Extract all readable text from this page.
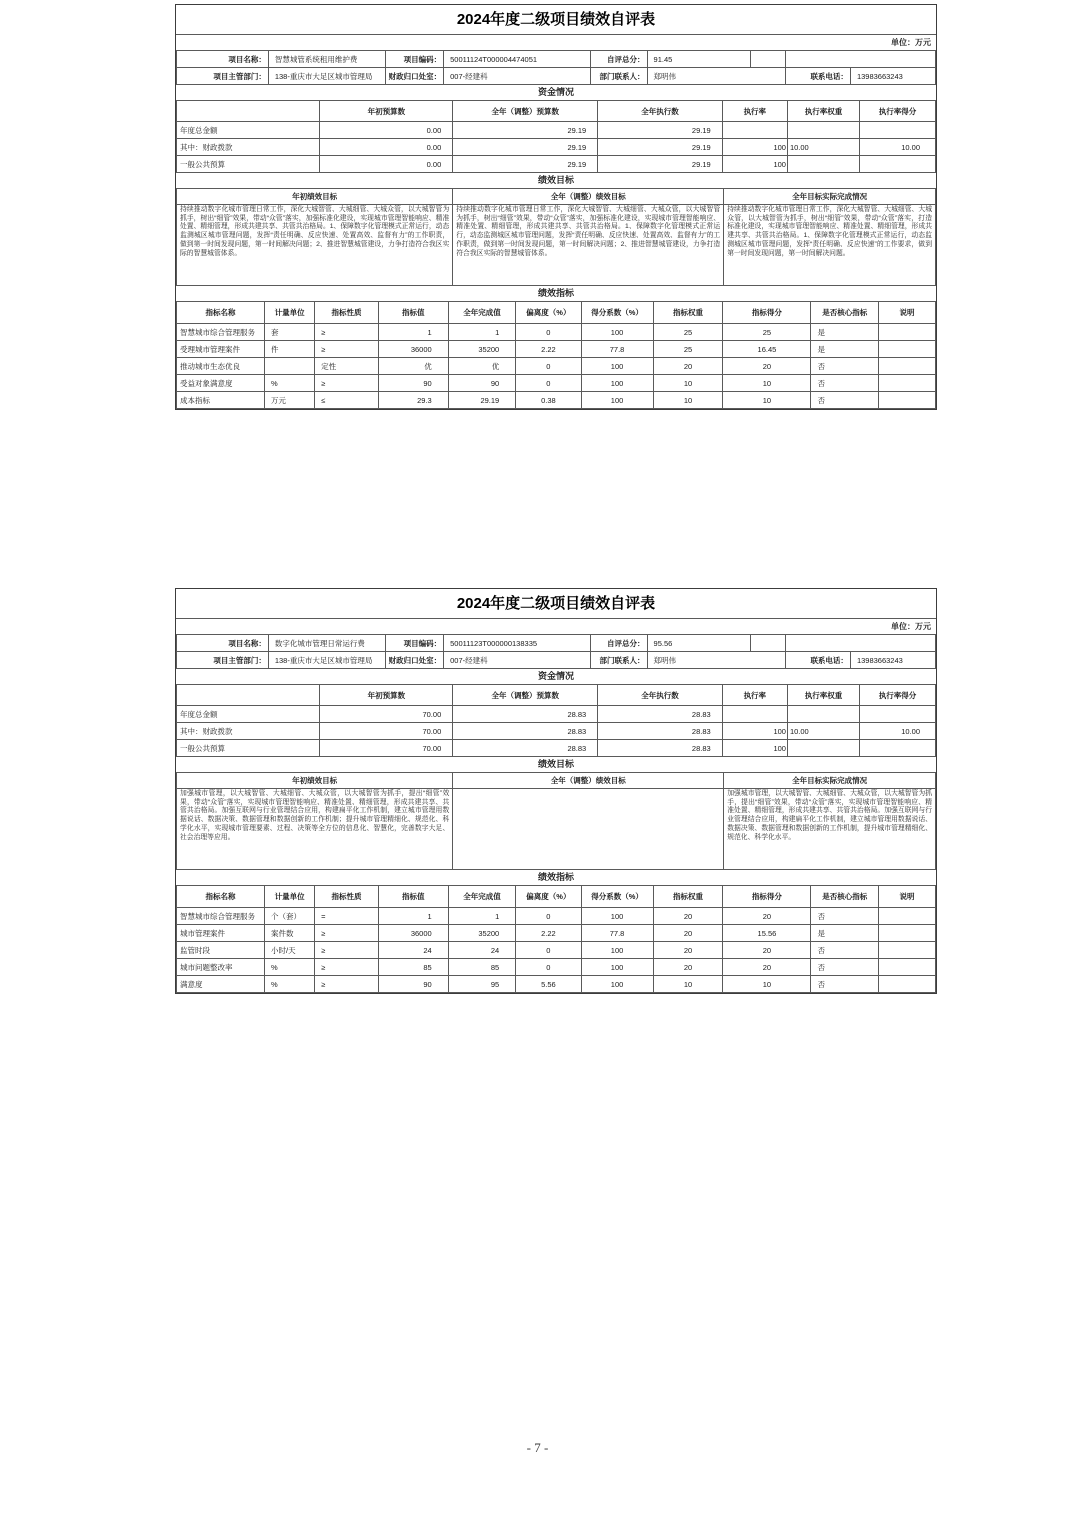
2024年度二级项目绩效自评表
单位：万元
项目名称：	智慧城管系统租用维护费	项目编码：	50011124T000004474051	自评总分：	91.45			
项目主管部门：	138-重庆市大足区城市管理局	财政归口处室：	007-经建科	部门联系人：	郑明伟		联系电话：	13983663243
资金情况
	年初预算数	全年（调整）预算数	全年执行数	执行率	执行率权重	执行率得分
年度总金额	0.00	29.19	29.19			
其中：财政拨款	0.00	29.19	29.19	100	10.00	10.00
一般公共预算	0.00	29.19	29.19	100		
绩效目标
年初绩效目标	全年（调整）绩效目标	全年目标实际完成情况
持续推动数字化城市管理日常工作，深化大城智管、大城细管、大城众管，以大城智管为抓手，树出“细管”效果，带动“众管”落实，加强标准化建设，实现城市管理智能响应、精准处置、精细管理，形成共建共享、共管共治格局。1、保障数字化管理模式正常运行，动态监测城区城市管理问题，发挥“责任明确、反应快速、处置高效、监督有力”的工作职责，做到第一时间发现问题，第一时间解决问题；2、推进智慧城管建设，力争打造符合我区实际的智慧城管体系。	持续推动数字化城市管理日常工作，深化大城智管、大城细管、大城众管，以大城智管为抓手，树出“细管”效果，带动“众管”落实，加强标准化建设，实现城市管理智能响应、精准处置、精细管理，形成共建共享、共管共治格局。1、保障数字化管理模式正常运行，动态监测城区城市管理问题，发挥“责任明确、反应快速、处置高效、监督有力”的工作职责，做到第一时间发现问题，第一时间解决问题；2、推进智慧城管建设，力争打造符合我区实际的智慧城管体系。	持续推动数字化城市管理日常工作，深化大城智管、大城细管、大城众管，以大城智管为抓手，树出“细管”效果，带动“众管”落实，打造标准化建设，实现城市管理智能响应、精准处置、精细管理，形成共建共享、共管共治格局。1、保障数字化管理模式正常运行，动态监测城区城市管理问题，发挥“责任明确、反应快速”的工作要求，做到第一时间发现问题，第一时间解决问题。
绩效指标
指标名称	计量单位	指标性质	指标值	全年完成值	偏离度（%）	得分系数（%）	指标权重	指标得分	是否核心指标	说明
智慧城市综合管理服务	套	≥	1	1	0	100	25	25	是	
受理城市管理案件	件	≥	36000	35200	2.22	77.8	25	16.45	是	
推动城市生态优良		定性	优	优	0	100	20	20	否	
受益对象满意度	%	≥	90	90	0	100	10	10	否	
成本指标	万元	≤	29.3	29.19	0.38	100	10	10	否	
2024年度二级项目绩效自评表
单位：万元
项目名称：	数字化城市管理日常运行费	项目编码：	50011123T000000138335	自评总分：	95.56			
项目主管部门：	138-重庆市大足区城市管理局	财政归口处室：	007-经建科	部门联系人：	郑明伟		联系电话：	13983663243
资金情况
	年初预算数	全年（调整）预算数	全年执行数	执行率	执行率权重	执行率得分
年度总金额	70.00	28.83	28.83			
其中：财政拨款	70.00	28.83	28.83	100	10.00	10.00
一般公共预算	70.00	28.83	28.83	100		
绩效目标
年初绩效目标	全年（调整）绩效目标	全年目标实际完成情况
加强城市管理，以大城智管、大城细管、大城众管，以大城智管为抓手，提出“细管”效果，带动“众管”落实，实现城市管理智能响应、精准处置、精细管理，形成共建共享、共管共治格局。加强互联网与行业管理结合应用，构建扁平化工作机制，建立城市管理用数据说话、数据决策、数据管理和数据创新的工作机制；提升城市管理精细化、规范化、科学化水平，实现城市管理要素、过程、决策等全方位的信息化、智慧化，完善数字大足、社会治理等应用。		加强城市管理，以大城智管、大城细管、大城众管，以大城智管为抓手，提出“细管”效果，带动“众管”落实，实现城市管理智能响应、精准处置、精细管理，形成共建共享、共管共治格局。加强互联网与行业管理结合应用，构建扁平化工作机制，建立城市管理用数据说话、数据决策、数据管理和数据创新的工作机制，提升城市管理精细化、规范化、科学化水平。
绩效指标
指标名称	计量单位	指标性质	指标值	全年完成值	偏离度（%）	得分系数（%）	指标权重	指标得分	是否核心指标	说明
智慧城市综合管理服务	个（套）	=	1	1	0	100	20	20	否	
城市管理案件	案件数	≥	36000	35200	2.22	77.8	20	15.56	是	
监管时段	小时/天	≥	24	24	0	100	20	20	否	
城市问题整改率	%	≥	85	85	0	100	20	20	否	
满意度	%	≥	90	95	5.56	100	10	10	否	
- 7 -
